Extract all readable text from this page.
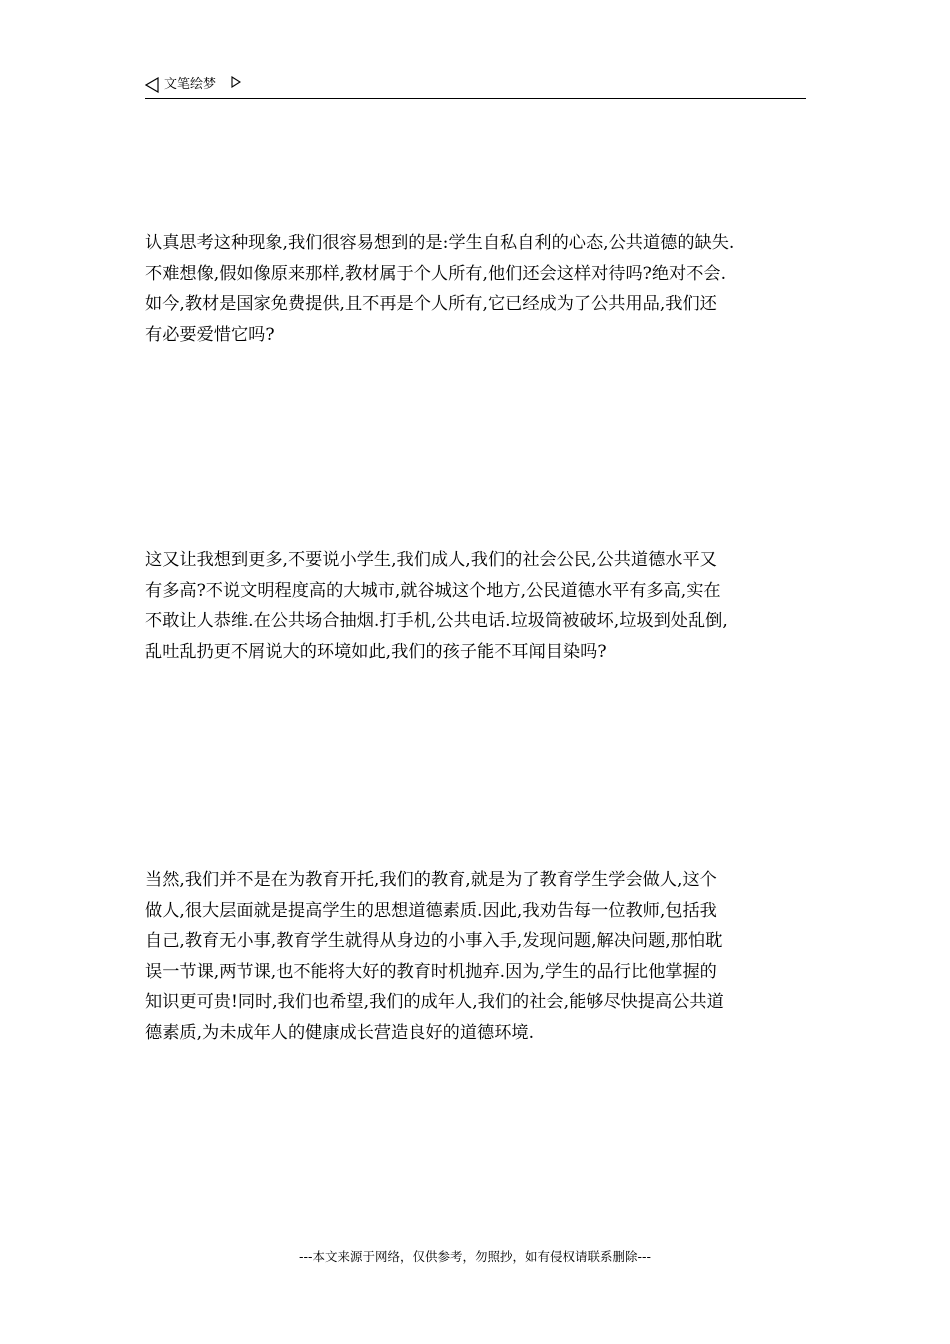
文笔绘梦
认真思考这种现象,我们很容易想到的是:学生自私自利的心态,公共道德的缺失.
不难想像,假如像原来那样,教材属于个人所有,他们还会这样对待吗?绝对不会.
如今,教材是国家免费提供,且不再是个人所有,它已经成为了公共用品,我们还
有必要爱惜它吗?
这又让我想到更多,不要说小学生,我们成人,我们的社会公民,公共道德水平又
有多高?不说文明程度高的大城市,就谷城这个地方,公民道德水平有多高,实在
不敢让人恭维.在公共场合抽烟.打手机,公共电话.垃圾筒被破坏,垃圾到处乱倒,
乱吐乱扔更不屑说大的环境如此,我们的孩子能不耳闻目染吗?
当然,我们并不是在为教育开托,我们的教育,就是为了教育学生学会做人,这个
做人,很大层面就是提高学生的思想道德素质.因此,我劝告每一位教师,包括我
自己,教育无小事,教育学生就得从身边的小事入手,发现问题,解决问题,那怕耽
误一节课,两节课,也不能将大好的教育时机抛弃.因为,学生的品行比他掌握的
知识更可贵!同时,我们也希望,我们的成年人,我们的社会,能够尽快提高公共道
德素质,为未成年人的健康成长营造良好的道德环境.
---本文来源于网络，仅供参考，勿照抄，如有侵权请联系删除---
